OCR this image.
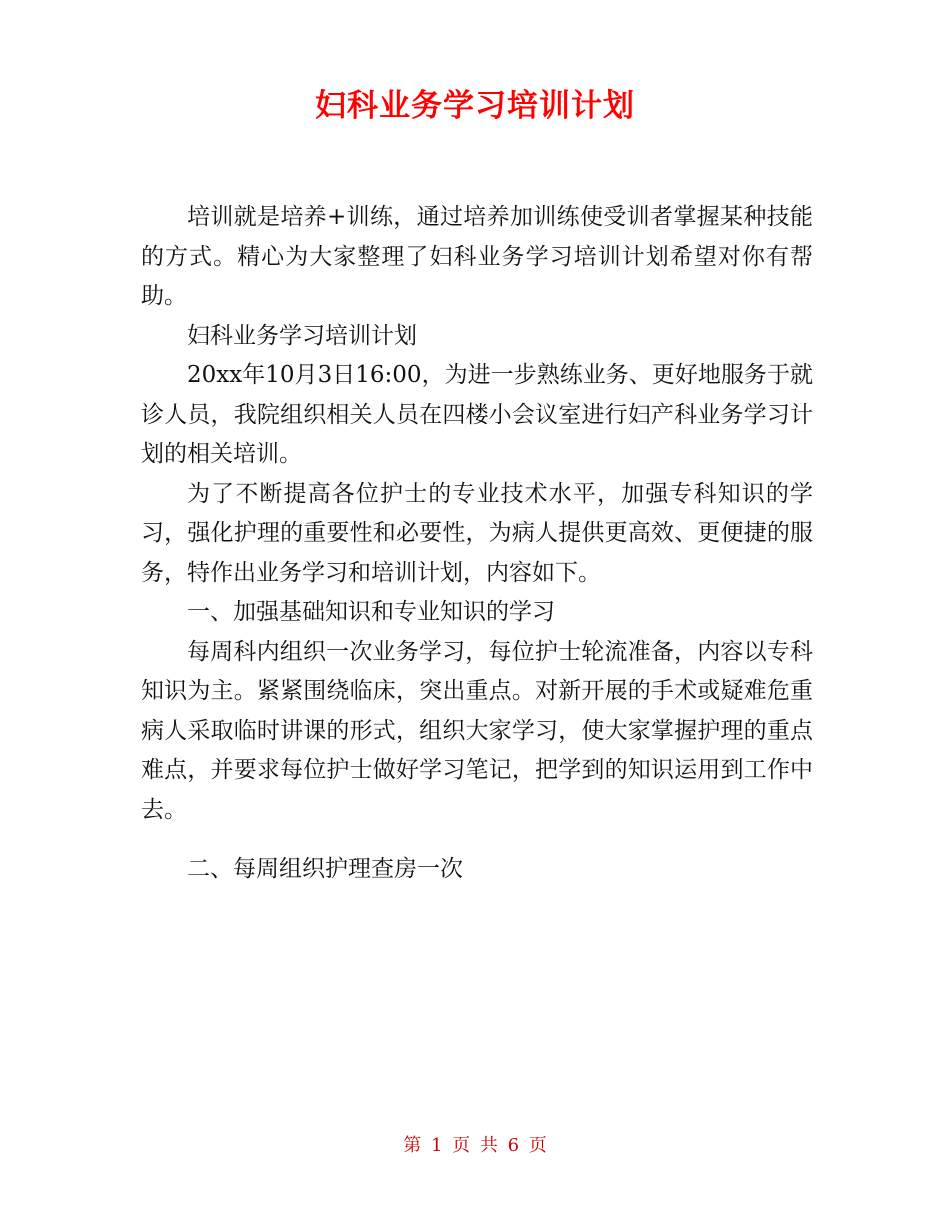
妇科业务学习培训计划

培训就是培养+训练，通过培养加训练使受训者掌握某种技能的方式。精心为大家整理了妇科业务学习培训计划希望对你有帮助。

妇科业务学习培训计划

20xx年10月3日16:00，为进一步熟练业务、更好地服务于就诊人员，我院组织相关人员在四楼小会议室进行妇产科业务学习计划的相关培训。

为了不断提高各位护士的专业技术水平，加强专科知识的学习，强化护理的重要性和必要性，为病人提供更高效、更便捷的服务，特作出业务学习和培训计划，内容如下。

一、加强基础知识和专业知识的学习

每周科内组织一次业务学习，每位护士轮流准备，内容以专科知识为主。紧紧围绕临床，突出重点。对新开展的手术或疑难危重病人采取临时讲课的形式，组织大家学习，使大家掌握护理的重点难点，并要求每位护士做好学习笔记，把学到的知识运用到工作中去。

二、每周组织护理查房一次

第 1 页 共 6 页
